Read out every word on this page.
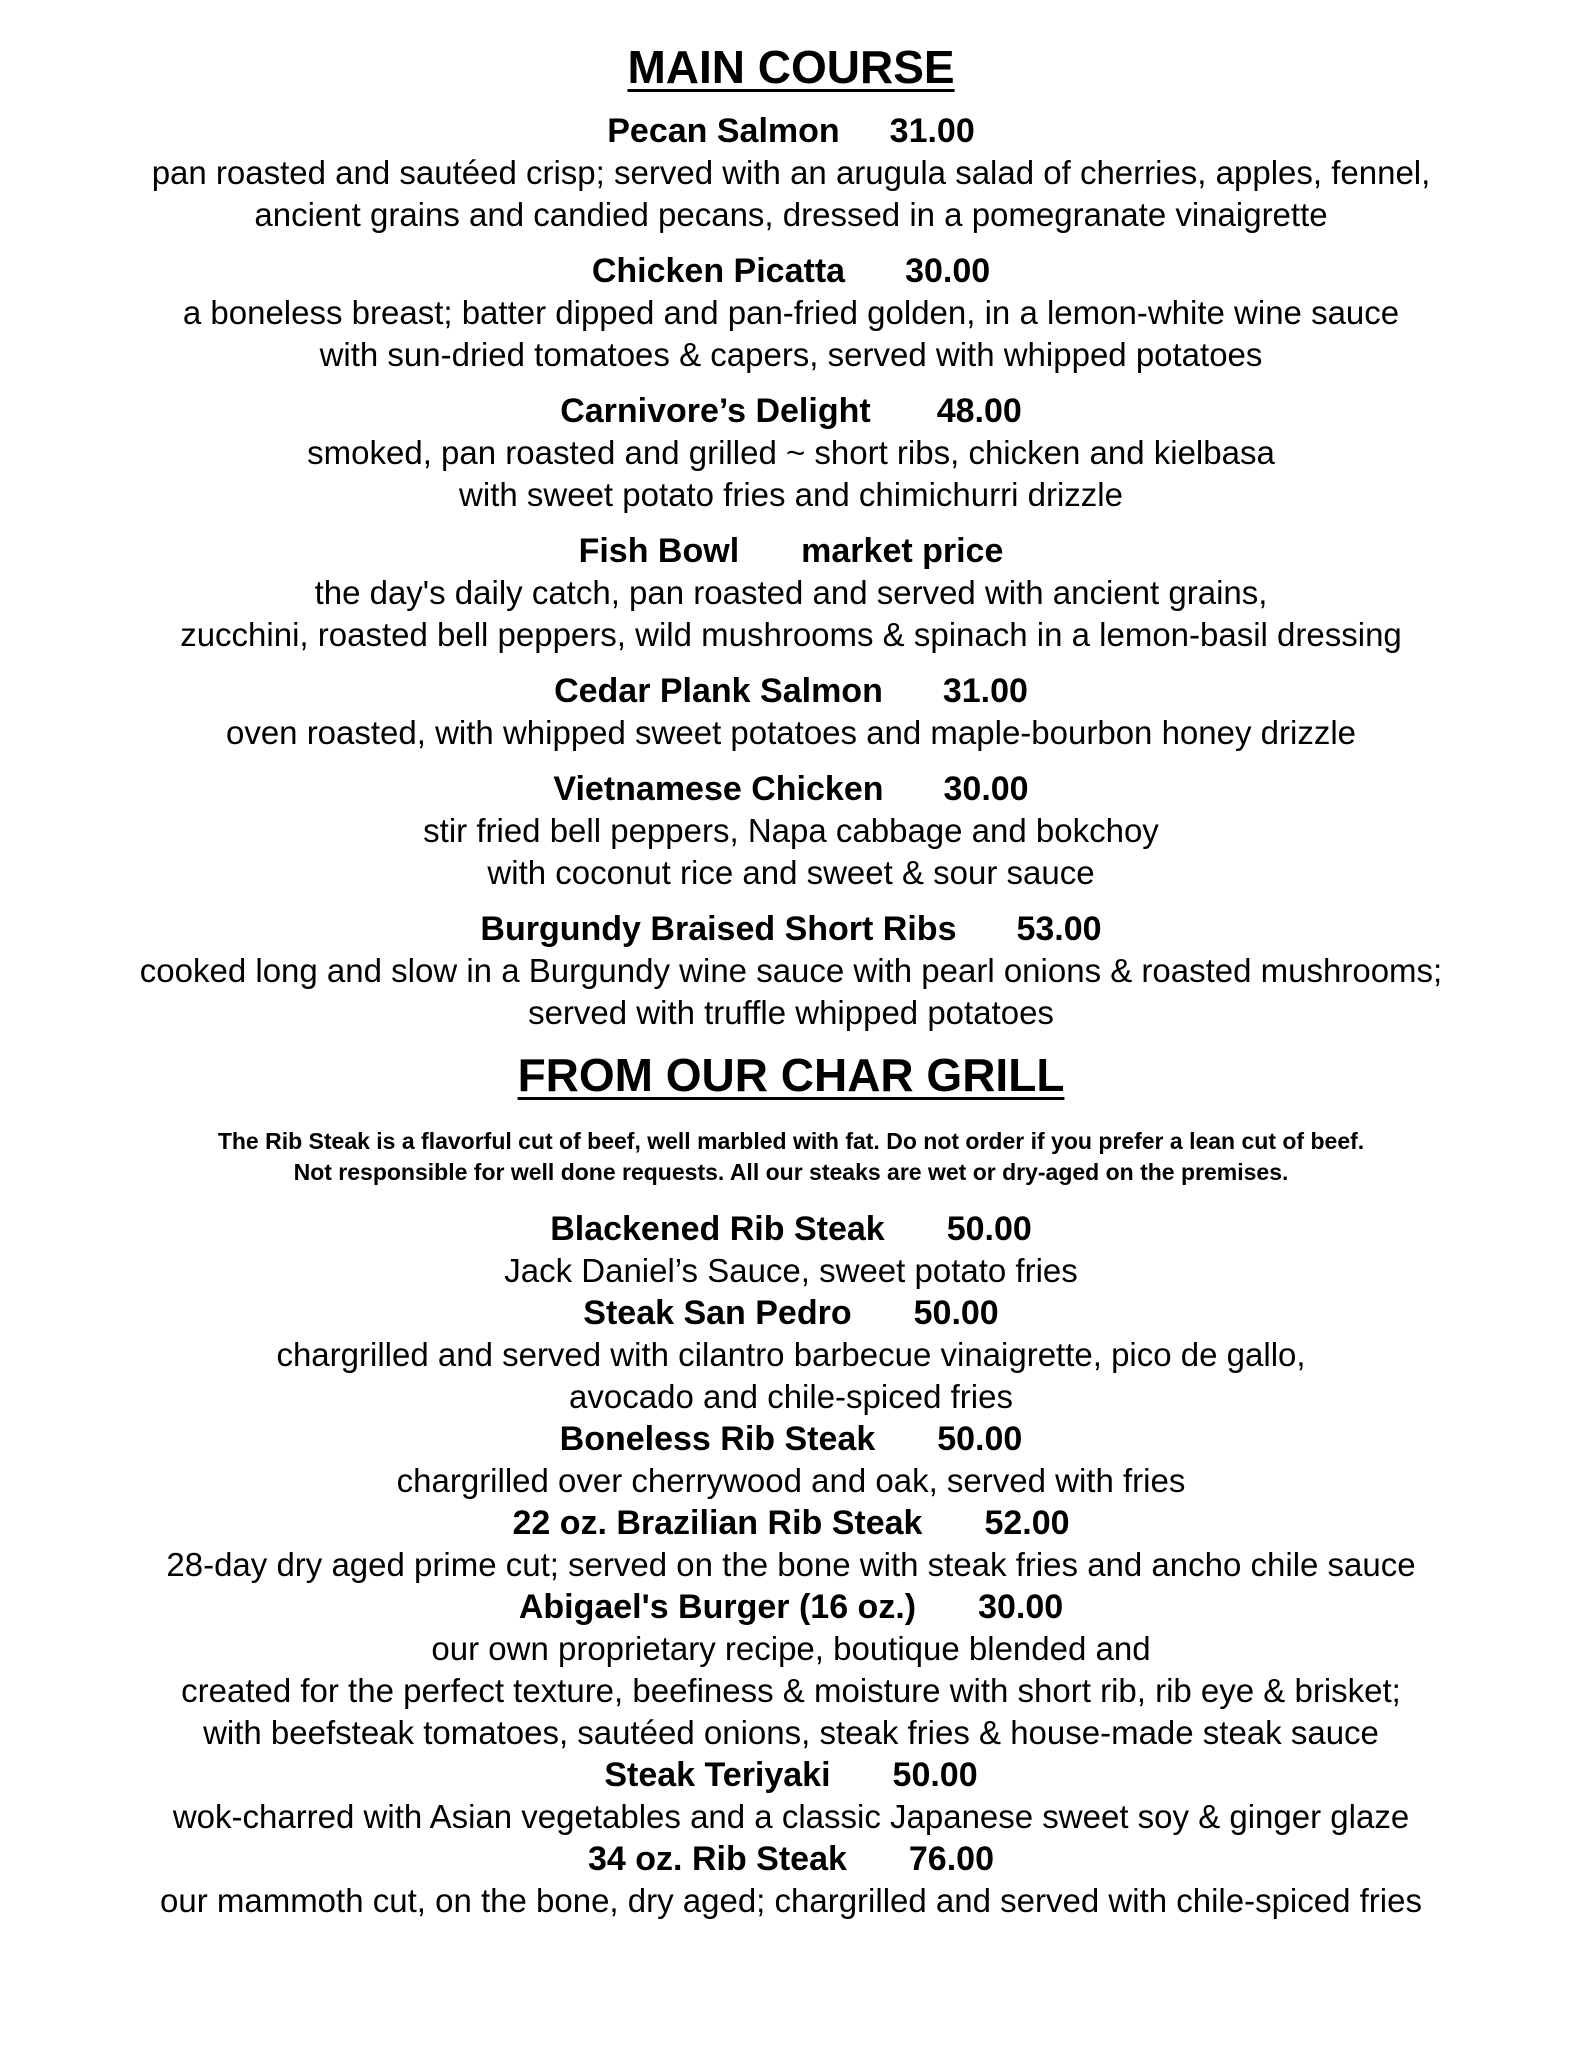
MAIN COURSE
Pecan Salmon 31.00
pan roasted and sautéed crisp; served with an arugula salad of cherries, apples, fennel,
ancient grains and candied pecans, dressed in a pomegranate vinaigrette
Chicken Picatta 30.00
a boneless breast; batter dipped and pan-fried golden, in a lemon-white wine sauce
with sun-dried tomatoes & capers, served with whipped potatoes
Carnivore’s Delight 48.00
smoked, pan roasted and grilled ~ short ribs, chicken and kielbasa
with sweet potato fries and chimichurri drizzle
Fish Bowl market price
the day's daily catch, pan roasted and served with ancient grains,
zucchini, roasted bell peppers, wild mushrooms & spinach in a lemon-basil dressing
Cedar Plank Salmon 31.00
oven roasted, with whipped sweet potatoes and maple-bourbon honey drizzle
Vietnamese Chicken 30.00
stir fried bell peppers, Napa cabbage and bokchoy
with coconut rice and sweet & sour sauce
Burgundy Braised Short Ribs 53.00
cooked long and slow in a Burgundy wine sauce with pearl onions & roasted mushrooms;
served with truffle whipped potatoes
FROM OUR CHAR GRILL
The Rib Steak is a flavorful cut of beef, well marbled with fat. Do not order if you prefer a lean cut of beef.
Not responsible for well done requests. All our steaks are wet or dry-aged on the premises.
Blackened Rib Steak 50.00
Jack Daniel’s Sauce, sweet potato fries
Steak San Pedro 50.00
chargrilled and served with cilantro barbecue vinaigrette, pico de gallo,
avocado and chile-spiced fries
Boneless Rib Steak 50.00
chargrilled over cherrywood and oak, served with fries
22 oz. Brazilian Rib Steak 52.00
28-day dry aged prime cut; served on the bone with steak fries and ancho chile sauce
Abigael's Burger (16 oz.) 30.00
our own proprietary recipe, boutique blended and
created for the perfect texture, beefiness & moisture with short rib, rib eye & brisket;
with beefsteak tomatoes, sautéed onions, steak fries & house-made steak sauce
Steak Teriyaki 50.00
wok-charred with Asian vegetables and a classic Japanese sweet soy & ginger glaze
34 oz. Rib Steak 76.00
our mammoth cut, on the bone, dry aged; chargrilled and served with chile-spiced fries
